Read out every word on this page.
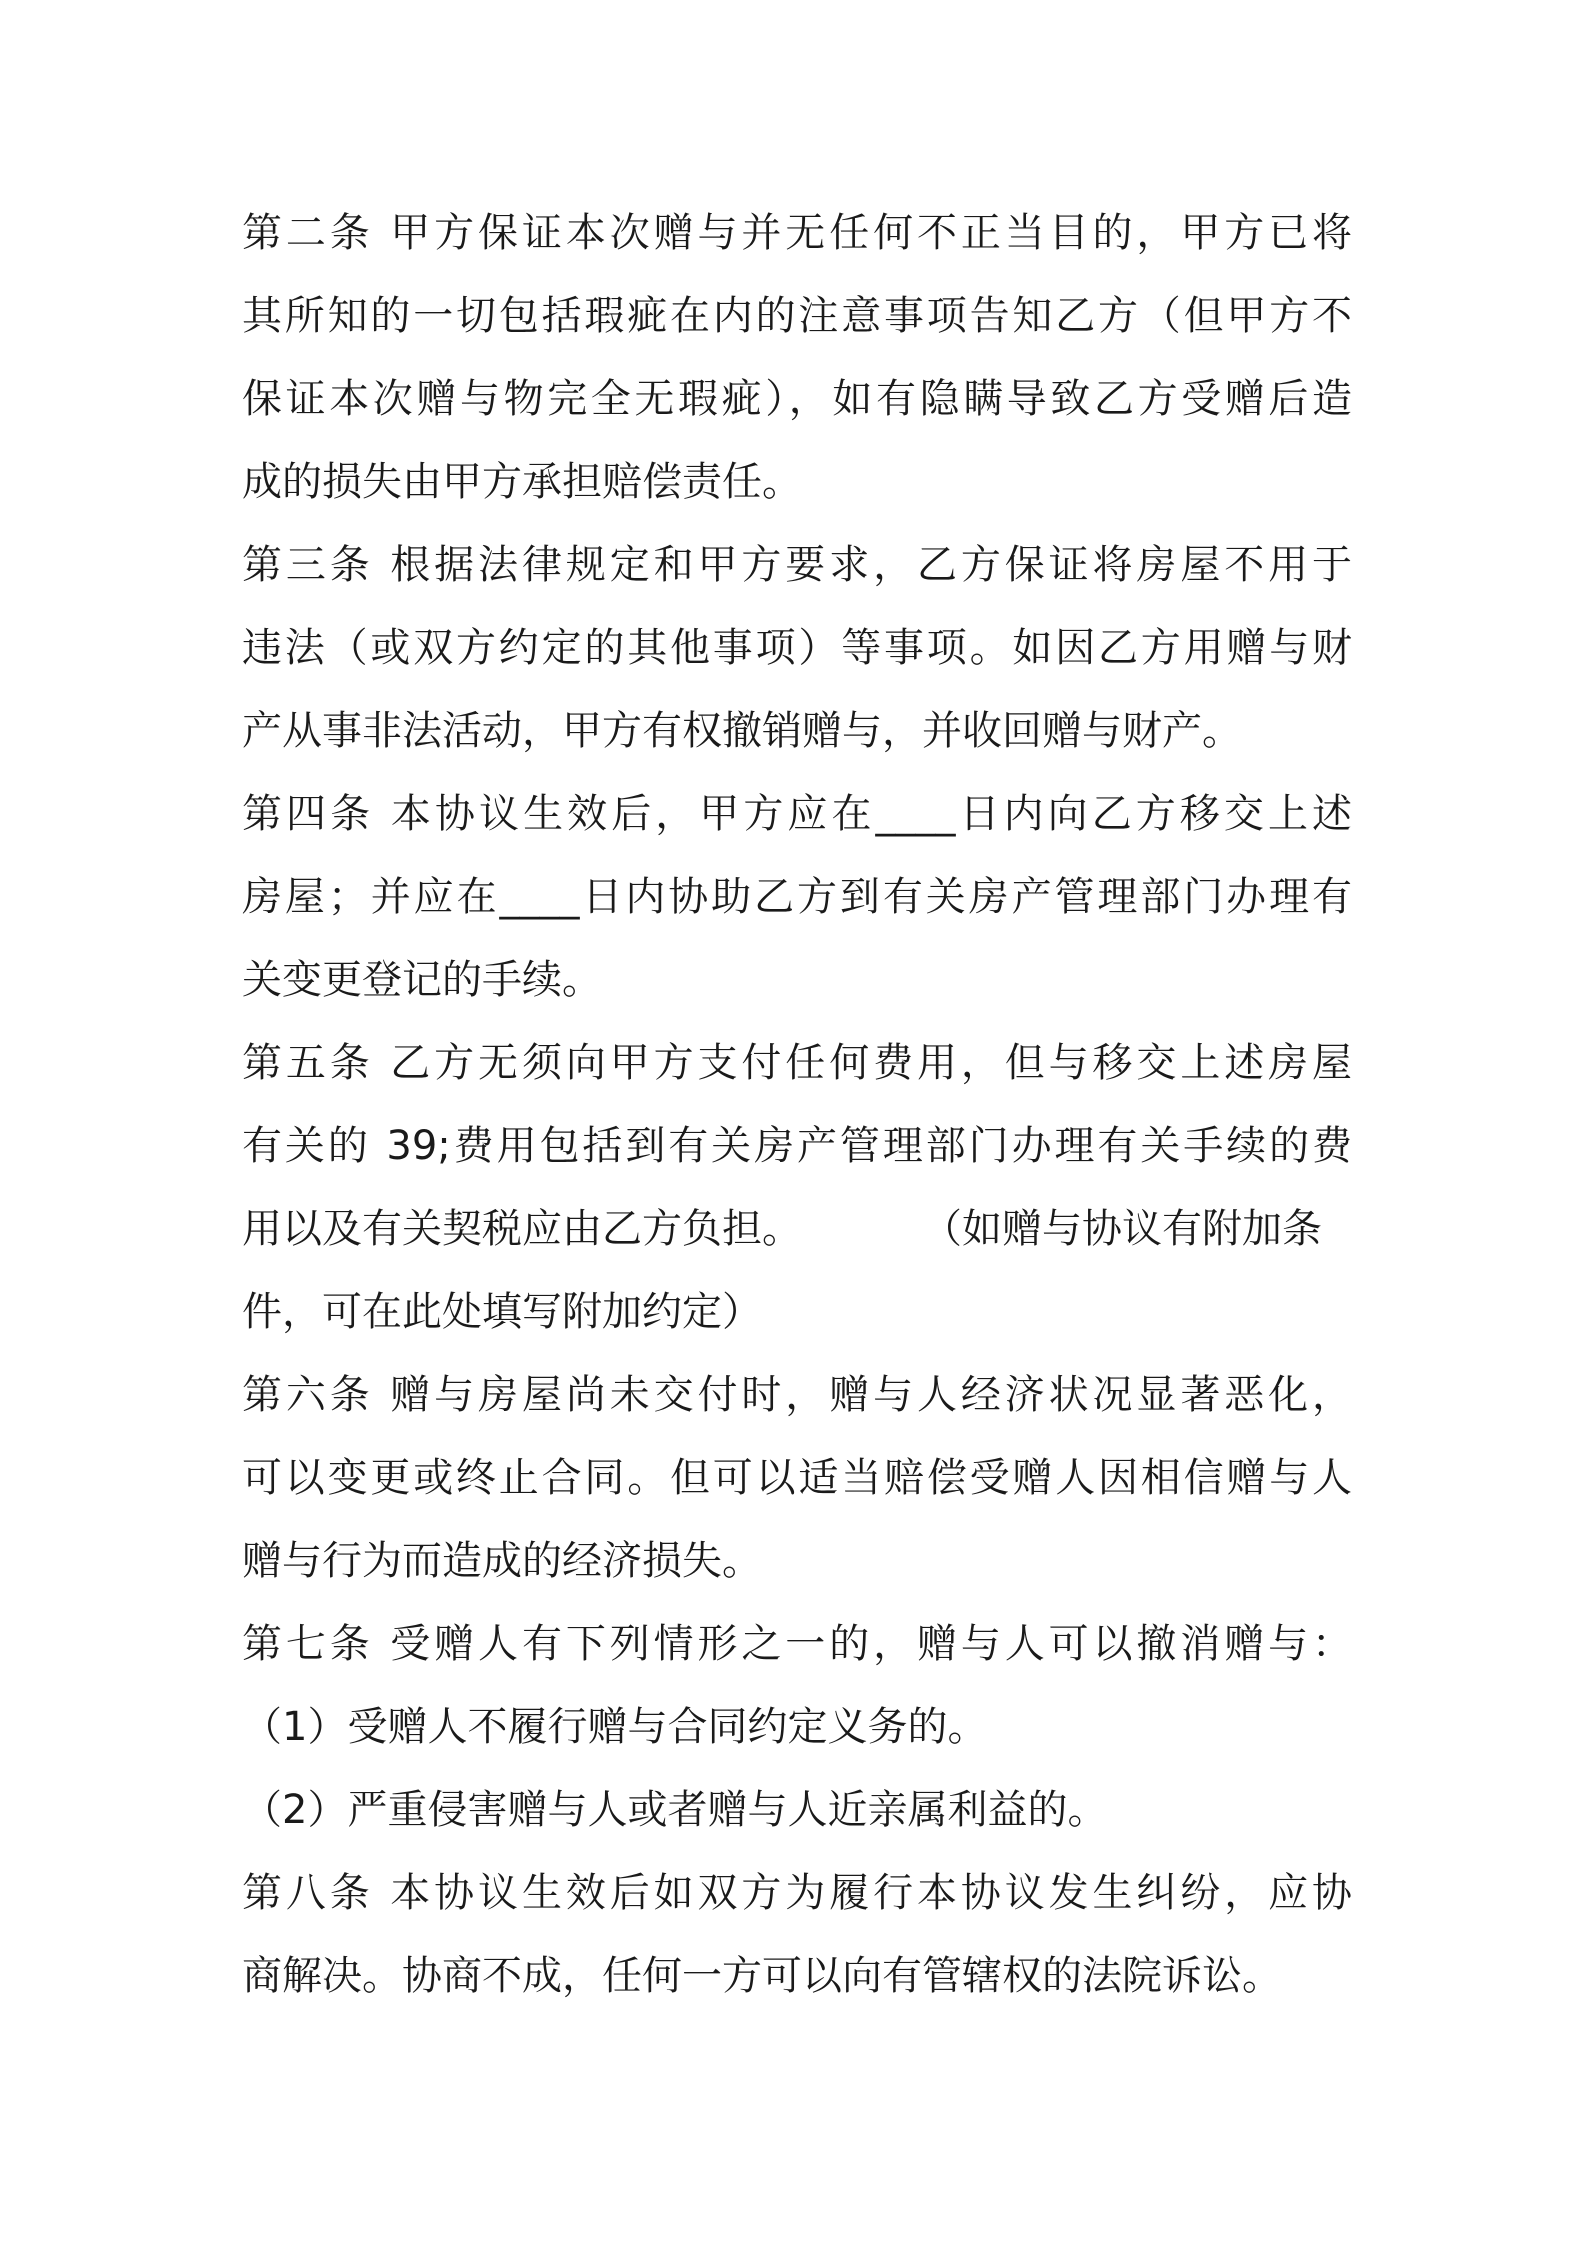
第二条 甲方保证本次赠与并无任何不正当目的，甲方已将
其所知的一切包括瑕疵在内的注意事项告知乙方（但甲方不
保证本次赠与物完全无瑕疵），如有隐瞒导致乙方受赠后造
成的损失由甲方承担赔偿责任。
第三条 根据法律规定和甲方要求，乙方保证将房屋不用于
违法（或双方约定的其他事项）等事项。如因乙方用赠与财
产从事非法活动，甲方有权撤销赠与，并收回赠与财产。
第四条 本协议生效后，甲方应在____日内向乙方移交上述
房屋；并应在____日内协助乙方到有关房产管理部门办理有
关变更登记的手续。
第五条 乙方无须向甲方支付任何费用，但与移交上述房屋
有关的 39;费用包括到有关房产管理部门办理有关手续的费
用以及有关契税应由乙方负担。	（如赠与协议有附加条
件，可在此处填写附加约定）
第六条 赠与房屋尚未交付时，赠与人经济状况显著恶化，
可以变更或终止合同。但可以适当赔偿受赠人因相信赠与人
赠与行为而造成的经济损失。
第七条 受赠人有下列情形之一的，赠与人可以撤消赠与：
（1）受赠人不履行赠与合同约定义务的。
（2）严重侵害赠与人或者赠与人近亲属利益的。
第八条 本协议生效后如双方为履行本协议发生纠纷，应协
商解决。协商不成，任何一方可以向有管辖权的法院诉讼。
